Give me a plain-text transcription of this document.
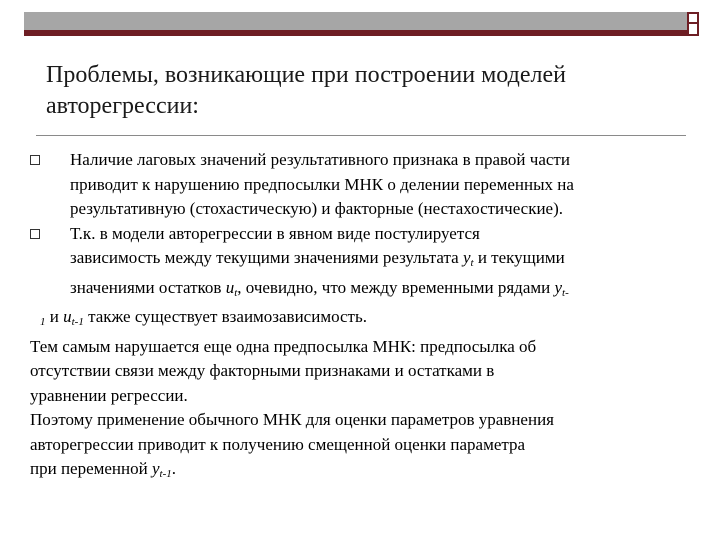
Проблемы, возникающие при построении моделей
авторегрессии:
Наличие лаговых значений результативного признака в правой части
приводит к нарушению предпосылки МНК о делении переменных на
результативную (стохастическую) и факторные (нестахостические).
Т.к. в модели авторегрессии в явном виде постулируется
зависимость между текущими значениями результата $y_t$ и текущими
значениями остатков $u_t$, очевидно, что между временными рядами $y_{t-}$
$_1$ и $u_{t-1}$ также существует взаимозависимость.
Тем самым нарушается еще одна предпосылка МНК: предпосылка об
отсутствии связи между факторными признаками и остатками в
уравнении регрессии.
Поэтому применение обычного МНК для оценки параметров уравнения
авторегрессии приводит к получению смещенной оценки параметра
при переменной $y_{t-1}$.
